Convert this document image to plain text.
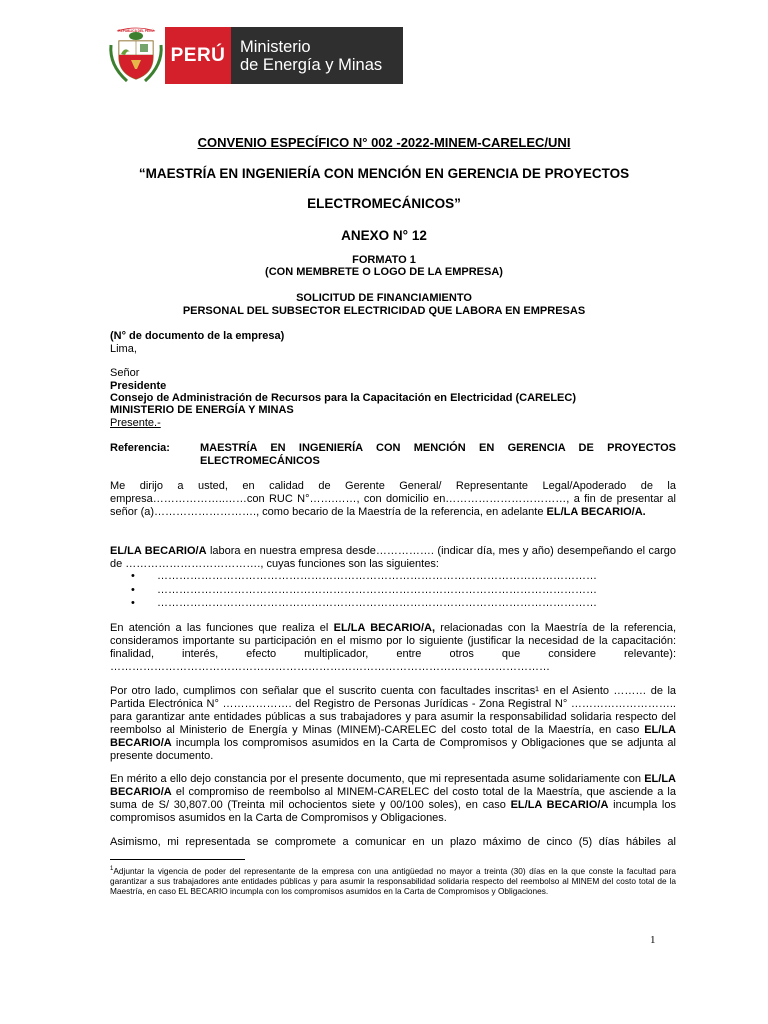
REPÚBLICA DEL PERÚ
PERÚ Ministerio
de Energía y Minas
CONVENIO ESPECÍFICO N° 002 -2022-MINEM-CARELEC/UNI
“MAESTRÍA EN INGENIERÍA CON MENCIÓN EN GERENCIA DE PROYECTOS
ELECTROMECÁNICOS”
ANEXO N° 12
FORMATO 1
(CON MEMBRETE O LOGO DE LA EMPRESA)
SOLICITUD DE FINANCIAMIENTO
PERSONAL DEL SUBSECTOR ELECTRICIDAD QUE LABORA EN EMPRESAS
(N° de documento de la empresa)
Lima,
Señor
Presidente
Consejo de Administración de Recursos para la Capacitación en Electricidad (CARELEC)
MINISTERIO DE ENERGÍA Y MINAS
Presente.-
Referencia:	MAESTRÍA EN INGENIERÍA CON MENCIÓN EN GERENCIA DE PROYECTOS ELECTROMECÁNICOS
Me dirijo a usted, en calidad de Gerente General/ Representante Legal/Apoderado de la empresa………………..……con RUC N°…….……, con domicilio en……………………………, a fin de presentar al señor (a)………………………., como becario de la Maestría de la referencia, en adelante EL/LA BECARIO/A.
EL/LA BECARIO/A labora en nuestra empresa desde……………. (indicar día, mes y año) desempeñando el cargo de ………………………………., cuyas funciones son las siguientes:
• …………………………………………………………………………………………………………
• …………………………………………………………………………………………………………
• …………………………………………………………………………………………………………
En atención a las funciones que realiza el EL/LA BECARIO/A, relacionadas con la Maestría de la referencia, consideramos importante su participación en el mismo por lo siguiente (justificar la necesidad de la capacitación: finalidad, interés, efecto multiplicador, entre otros que considere relevante): …………………………………………………………………………………………………………
Por otro lado, cumplimos con señalar que el suscrito cuenta con facultades inscritas¹ en el Asiento ……… de la Partida Electrónica N° ………………. del Registro de Personas Jurídicas - Zona Registral N° ……………………….. para garantizar ante entidades públicas a sus trabajadores y para asumir la responsabilidad solidaria respecto del reembolso al Ministerio de Energía y Minas (MINEM)-CARELEC del costo total de la Maestría, en caso EL/LA BECARIO/A incumpla los compromisos asumidos en la Carta de Compromisos y Obligaciones que se adjunta al presente documento.
En mérito a ello dejo constancia por el presente documento, que mi representada asume solidariamente con EL/LA BECARIO/A el compromiso de reembolso al MINEM-CARELEC del costo total de la Maestría, que asciende a la suma de S/ 30,807.00 (Treinta mil ochocientos siete y 00/100 soles), en caso EL/LA BECARIO/A incumpla los compromisos asumidos en la Carta de Compromisos y Obligaciones.
Asimismo, mi representada se compromete a comunicar en un plazo máximo de cinco (5) días hábiles al
$^1$Adjuntar la vigencia de poder del representante de la empresa con una antigüedad no mayor a treinta (30) días en la que conste la facultad para garantizar a sus trabajadores ante entidades públicas y para asumir la responsabilidad solidaria respecto del reembolso al MINEM del costo total de la Maestría, en caso EL BECARIO incumpla con los compromisos asumidos en la Carta de Compromisos y Obligaciones.
1
